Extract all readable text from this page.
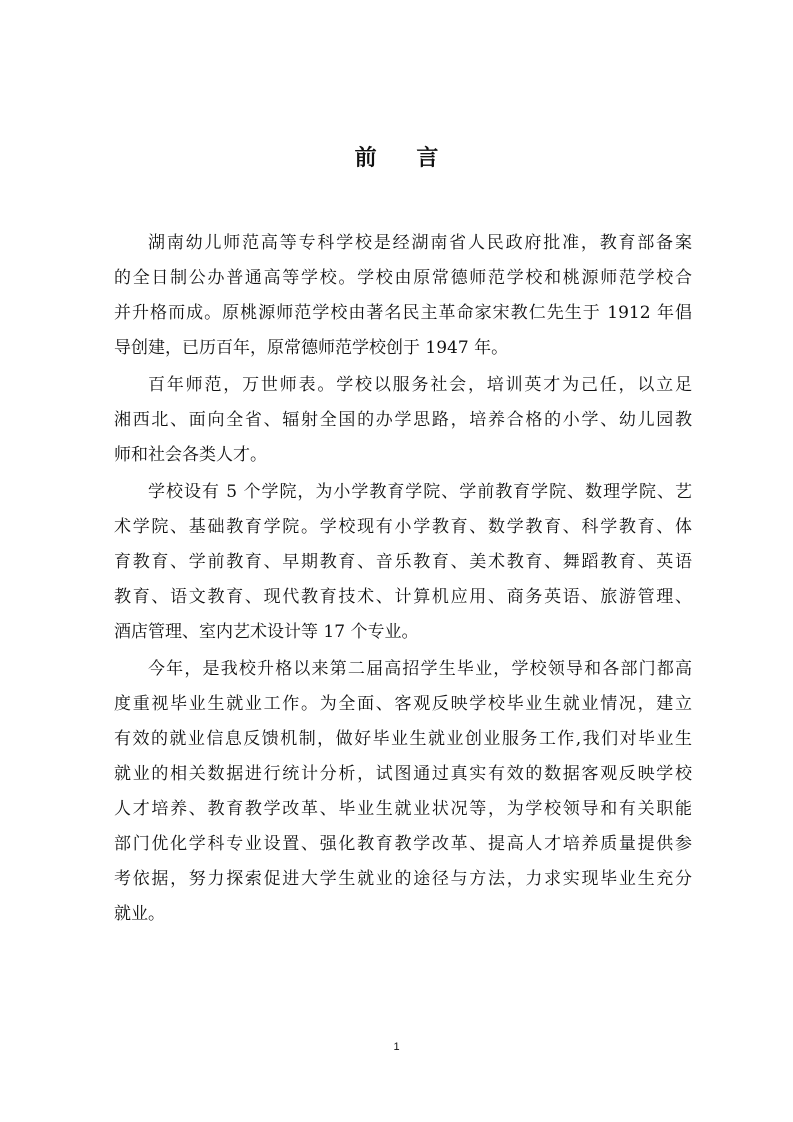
前 言
湖南幼儿师范高等专科学校是经湖南省人民政府批准，教育部备案
的全日制公办普通高等学校。学校由原常德师范学校和桃源师范学校合
并升格而成。原桃源师范学校由著名民主革命家宋教仁先生于 1912 年倡
导创建，已历百年，原常德师范学校创于 1947 年。
百年师范，万世师表。学校以服务社会，培训英才为己任，以立足
湘西北、面向全省、辐射全国的办学思路，培养合格的小学、幼儿园教
师和社会各类人才。
学校设有 5 个学院，为小学教育学院、学前教育学院、数理学院、艺
术学院、基础教育学院。学校现有小学教育、数学教育、科学教育、体
育教育、学前教育、早期教育、音乐教育、美术教育、舞蹈教育、英语
教育、语文教育、现代教育技术、计算机应用、商务英语、旅游管理、
酒店管理、室内艺术设计等 17 个专业。
今年，是我校升格以来第二届高招学生毕业，学校领导和各部门都高
度重视毕业生就业工作。为全面、客观反映学校毕业生就业情况，建立
有效的就业信息反馈机制，做好毕业生就业创业服务工作,我们对毕业生
就业的相关数据进行统计分析，试图通过真实有效的数据客观反映学校
人才培养、教育教学改革、毕业生就业状况等，为学校领导和有关职能
部门优化学科专业设置、强化教育教学改革、提高人才培养质量提供参
考依据，努力探索促进大学生就业的途径与方法，力求实现毕业生充分
就业。
1
